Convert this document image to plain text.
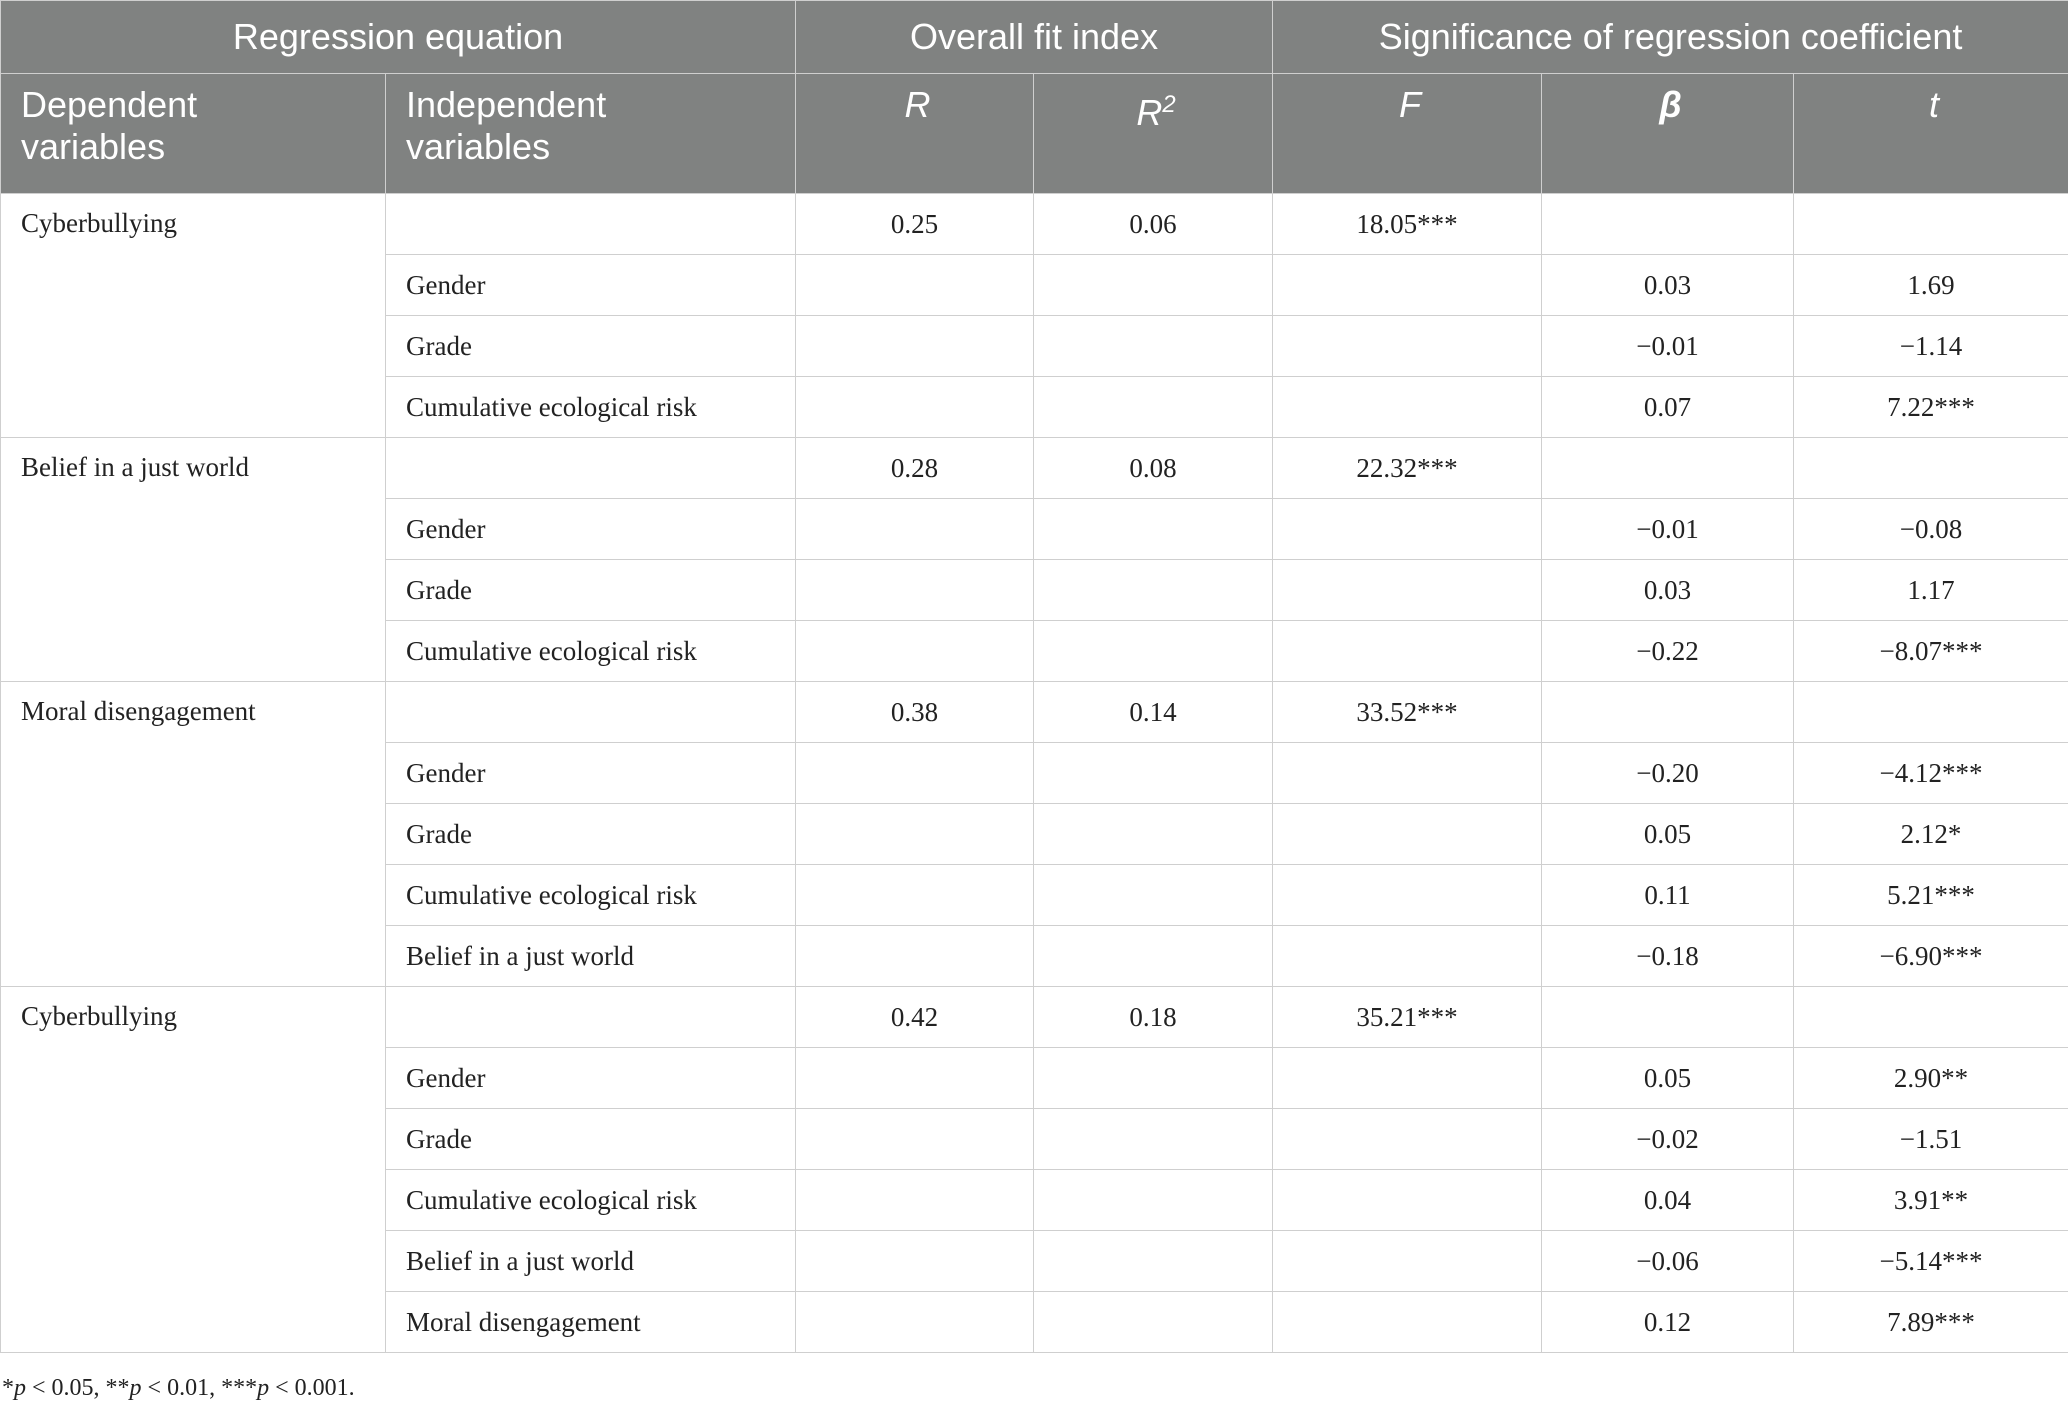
Regression equation		Overall fit index		Significance of regression coefficient		
Dependent
variables	Independent
variables	R	$R^2$	F	β	t
Cyberbullying		0.25	0.06	18.05***		
	Gender				0.03	1.69
	Grade				−0.01	−1.14
	Cumulative ecological risk				0.07	7.22***
Belief in a just world		0.28	0.08	22.32***		
	Gender				−0.01	−0.08
	Grade				0.03	1.17
	Cumulative ecological risk				−0.22	−8.07***
Moral disengagement		0.38	0.14	33.52***		
	Gender				−0.20	−4.12***
	Grade				0.05	2.12*
	Cumulative ecological risk				0.11	5.21***
	Belief in a just world				−0.18	−6.90***
Cyberbullying		0.42	0.18	35.21***		
	Gender				0.05	2.90**
	Grade				−0.02	−1.51
	Cumulative ecological risk				0.04	3.91**
	Belief in a just world				−0.06	−5.14***
	Moral disengagement				0.12	7.89***
*p < 0.05, **p < 0.01, ***p < 0.001.
